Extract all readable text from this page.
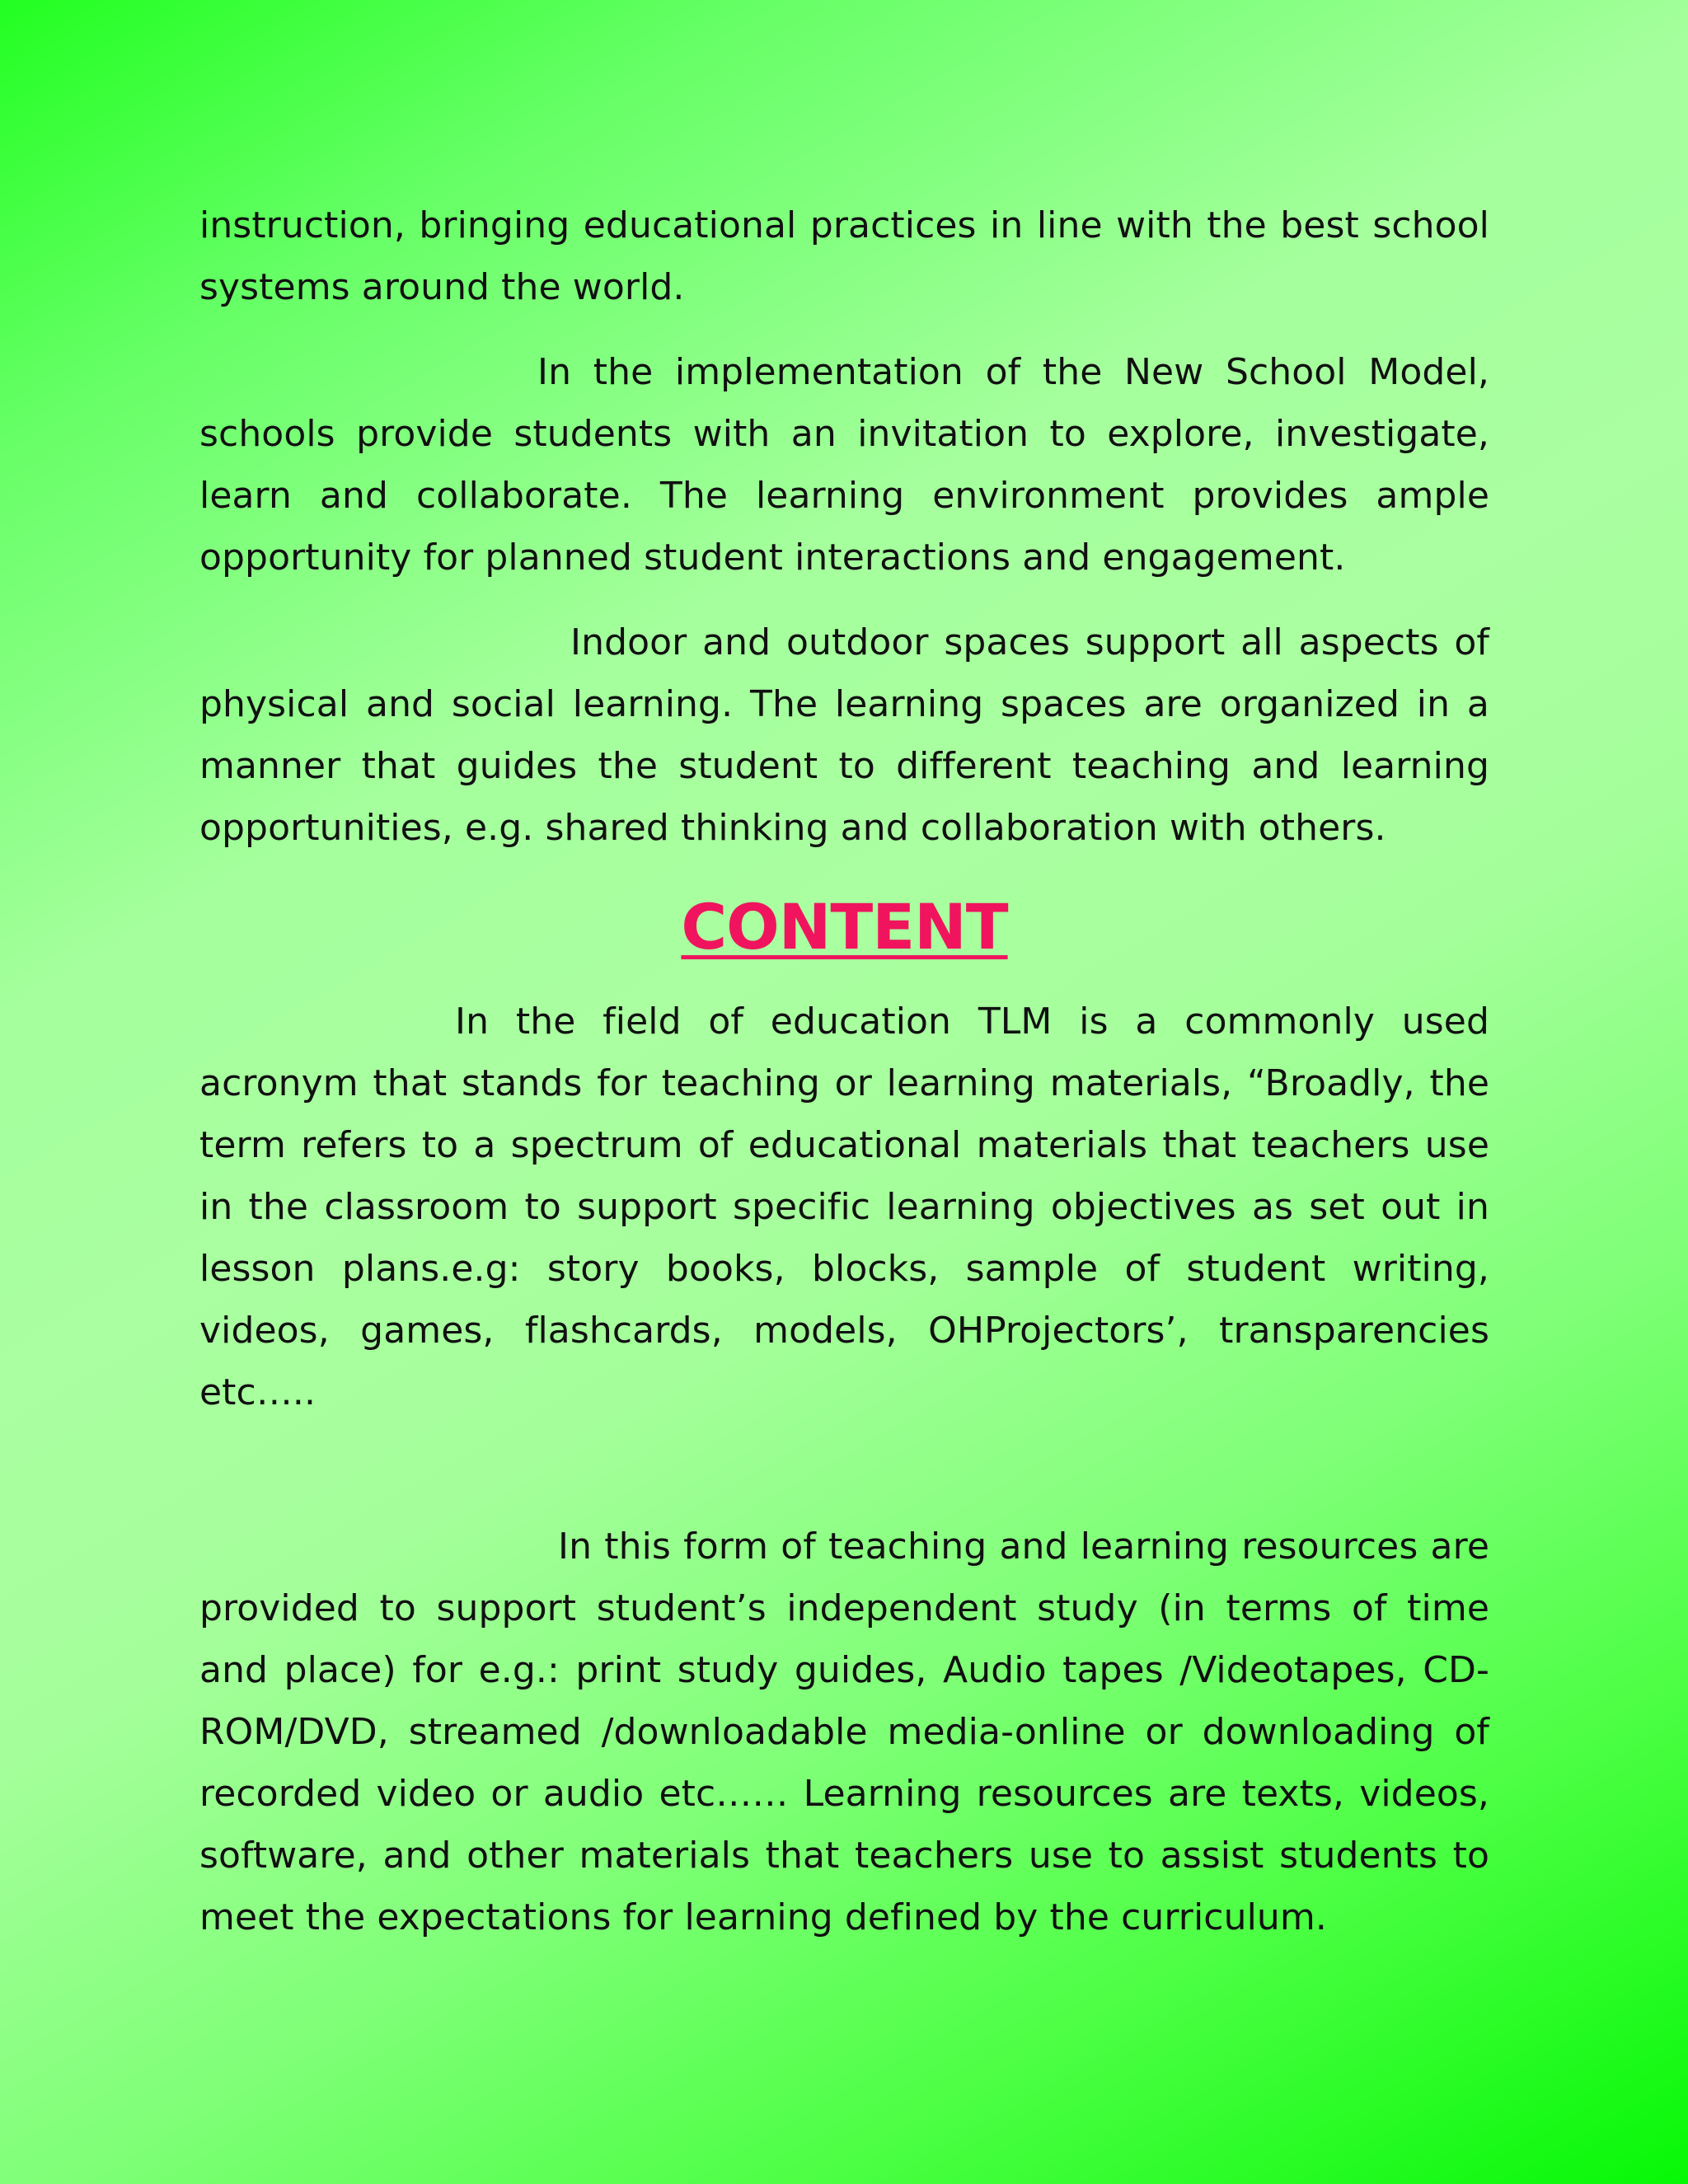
instruction, bringing educational practices in line with the best school systems around the world.

In the implementation of the New School Model, schools provide students with an invitation to explore, investigate, learn and collaborate. The learning environment provides ample opportunity for planned student interactions and engagement.

Indoor and outdoor spaces support all aspects of physical and social learning. The learning spaces are organized in a manner that guides the student to different teaching and learning opportunities, e.g. shared thinking and collaboration with others.

CONTENT

In the field of education TLM is a commonly used acronym that stands for teaching or learning materials, “Broadly, the term refers to a spectrum of educational materials that teachers use in the classroom to support specific learning objectives as set out in lesson plans.e.g: story books, blocks, sample of student writing, videos, games, flashcards, models, OHProjectors’, transparencies etc…..

In this form of teaching and learning resources are provided to support student’s independent study (in terms of time and place) for e.g.: print study guides, Audio tapes /Videotapes, CD-ROM/DVD, streamed /downloadable media-online or downloading of recorded video or audio etc…… Learning resources are texts, videos, software, and other materials that teachers use to assist students to meet the expectations for learning defined by the curriculum.
